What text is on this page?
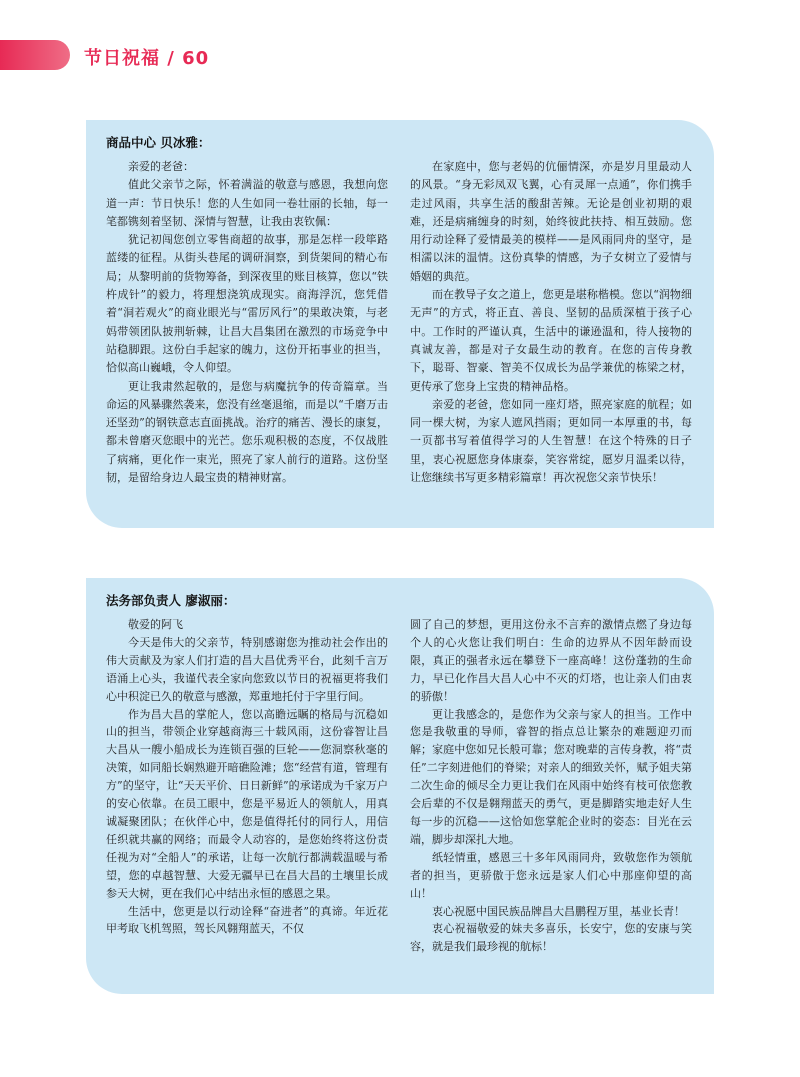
节日祝福 / 60
商品中心 贝冰雅：

亲爱的老爸：

值此父亲节之际，怀着满溢的敬意与感恩，我想向您道一声：节日快乐！您的人生如同一卷壮丽的长轴，每一笔都镌刻着坚韧、深情与智慧，让我由衷钦佩：

犹记初闯您创立零售商超的故事，那是怎样一段筚路蓝缕的征程。从街头巷尾的调研洞察，到货架间的精心布局；从黎明前的货物筹备，到深夜里的账目核算，您以“铁杵成针”的毅力，将理想浇筑成现实。商海浮沉，您凭借着“洞若观火”的商业眼光与“雷厉风行”的果敢决策，与老妈带领团队披荆斩棘，让昌大昌集团在激烈的市场竞争中站稳脚跟。这份白手起家的魄力，这份开拓事业的担当，恰似高山巍峨，令人仰望。

更让我肃然起敬的，是您与病魔抗争的传奇篇章。当命运的风暴骤然袭来，您没有丝毫退缩，而是以“千磨万击还坚劲”的钢铁意志直面挑战。治疗的痛苦、漫长的康复，都未曾磨灭您眼中的光芒。您乐观积极的态度，不仅战胜了病痛，更化作一束光，照亮了家人前行的道路。这份坚韧，是留给身边人最宝贵的精神财富。

在家庭中，您与老妈的伉俪情深，亦是岁月里最动人的风景。“身无彩凤双飞翼，心有灵犀一点通”，你们携手走过风雨，共享生活的酸甜苦辣。无论是创业初期的艰难，还是病痛缠身的时刻，始终彼此扶持、相互鼓励。您用行动诠释了爱情最美的模样——是风雨同舟的坚守，是相濡以沫的温情。这份真挚的情感，为子女树立了爱情与婚姻的典范。

而在教导子女之道上，您更是堪称楷模。您以“润物细无声”的方式，将正直、善良、坚韧的品质深植于孩子心中。工作时的严谨认真，生活中的谦逊温和，待人接物的真诚友善，都是对子女最生动的教育。在您的言传身教下，聪哥、智豪、智美不仅成长为品学兼优的栋梁之材，更传承了您身上宝贵的精神品格。

亲爱的老爸，您如同一座灯塔，照亮家庭的航程；如同一棵大树，为家人遮风挡雨；更如同一本厚重的书，每一页都书写着值得学习的人生智慧！在这个特殊的日子里，衷心祝愿您身体康泰，笑容常绽，愿岁月温柔以待，让您继续书写更多精彩篇章！再次祝您父亲节快乐！

法务部负责人 廖淑丽：

敬爱的阿飞

今天是伟大的父亲节，特别感谢您为推动社会作出的伟大贡献及为家人们打造的昌大昌优秀平台，此刻千言万语涌上心头，我谨代表全家向您致以节日的祝福更将我们心中积淀已久的敬意与感激，郑重地托付于字里行间。

作为昌大昌的掌舵人，您以高瞻远瞩的格局与沉稳如山的担当，带领企业穿越商海三十载风雨，这份睿智让昌大昌从一艘小船成长为连锁百强的巨轮——您洞察秋毫的决策，如同船长娴熟避开暗礁险滩；您“经营有道，管理有方”的坚守，让“天天平价、日日新鲜”的承诺成为千家万户的安心依靠。在员工眼中，您是平易近人的领航人，用真诚凝聚团队；在伙伴心中，您是值得托付的同行人，用信任织就共赢的网络；而最令人动容的，是您始终将这份责任视为对“全船人”的承诺，让每一次航行都满载温暖与希望，您的卓越智慧、大爱无疆早已在昌大昌的土壤里长成参天大树，更在我们心中结出永恒的感恩之果。

生活中，您更是以行动诠释“奋进者”的真谛。年近花甲考取飞机驾照，驾长风翱翔蓝天，不仅

圆了自己的梦想，更用这份永不言弃的激情点燃了身边每个人的心火您让我们明白：生命的边界从不因年龄而设限，真正的强者永远在攀登下一座高峰！这份蓬勃的生命力，早已化作昌大昌人心中不灭的灯塔，也让亲人们由衷的骄傲！

更让我感念的，是您作为父亲与家人的担当。工作中您是我敬重的导师，睿智的指点总让繁杂的难题迎刃而解；家庭中您如兄长般可靠；您对晚辈的言传身教，将“责任”二字刻进他们的脊梁；对亲人的细致关怀，赋予姐夫第二次生命的倾尽全力更让我们在风雨中始终有枝可依您教会后辈的不仅是翱翔蓝天的勇气，更是脚踏实地走好人生每一步的沉稳——这恰如您掌舵企业时的姿态：目光在云端，脚步却深扎大地。

纸轻情重，感恩三十多年风雨同舟，致敬您作为领航者的担当，更骄傲于您永远是家人们心中那座仰望的高山！

衷心祝愿中国民族品牌昌大昌鹏程万里，基业长青！

衷心祝福敬爱的妹夫多喜乐，长安宁，您的安康与笑容，就是我们最珍视的航标！
